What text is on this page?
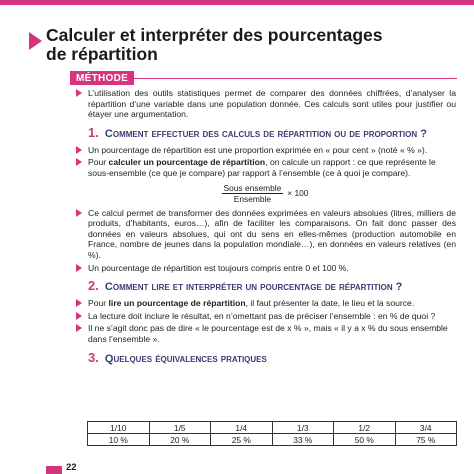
Calculer et interpréter des pourcentages
de répartition
MÉTHODE

L’utilisation des outils statistiques permet de comparer des données chiffrées, d’analyser la répartition d’une variable dans une population donnée. Ces calculs sont utiles pour justifier ou étayer une argumentation.

1. Comment effectuer des calculs de répartition ou de proportion ?

Un pourcentage de répartition est une proportion exprimée en « pour cent » (noté « % »).

Pour calculer un pourcentage de répartition, on calcule un rapport : ce que représente le sous-ensemble (ce que je compare) par rapport à l’ensemble (ce à quoi je compare).

$\frac{\text{Sous ensemble}}{\text{Ensemble}} \times 100$

Ce calcul permet de transformer des données exprimées en valeurs absolues (litres, milliers de produits, d’habitants, euros…), afin de faciliter les comparaisons. On fait donc passer des données en valeurs absolues, qui ont du sens en elles-mêmes (production automobile en France, nombre de jeunes dans la population mondiale…), en données en valeurs relatives (en %).

Un pourcentage de répartition est toujours compris entre 0 et 100 %.

2. Comment lire et interpréter un pourcentage de répartition ?

Pour lire un pourcentage de répartition, il faut présenter la date, le lieu et la source.

La lecture doit inclure le résultat, en n’omettant pas de préciser l’ensemble : en % de quoi ?

Il ne s’agit donc pas de dire « le pourcentage est de x % », mais « il y a x % du sous ensemble dans l’ensemble ».

3. Quelques équivalences pratiques
1/10	1/5	1/4	1/3	1/2	3/4
10 %	20 %	25 %	33 %	50 %	75 %
22
